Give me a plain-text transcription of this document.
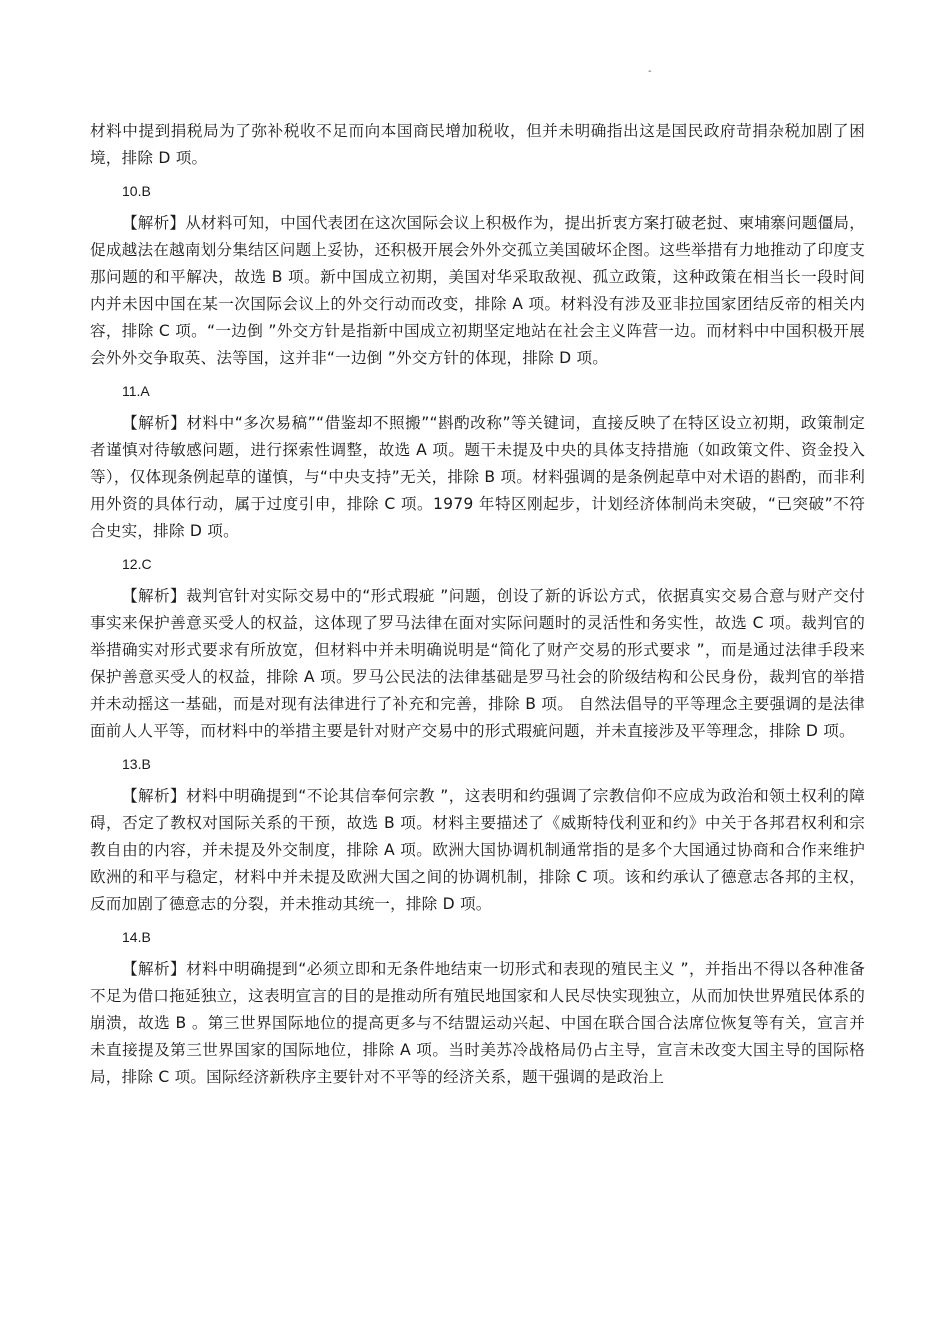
-

材料中提到捐税局为了弥补税收不足而向本国商民增加税收，但并未明确指出这是国民政府苛捐杂税加剧了困境，排除 D 项。

10.B

【解析】从材料可知，中国代表团在这次国际会议上积极作为，提出折衷方案打破老挝、柬埔寨问题僵局，促成越法在越南划分集结区问题上妥协，还积极开展会外外交孤立美国破坏企图。这些举措有力地推动了印度支那问题的和平解决，故选 B 项。新中国成立初期，美国对华采取敌视、孤立政策，这种政策在相当长一段时间内并未因中国在某一次国际会议上的外交行动而改变，排除 A 项。材料没有涉及亚非拉国家团结反帝的相关内容，排除 C 项。“一边倒 ”外交方针是指新中国成立初期坚定地站在社会主义阵营一边。而材料中中国积极开展会外外交争取英、法等国，这并非“一边倒 ”外交方针的体现，排除 D 项。

11.A

【解析】材料中“多次易稿”“借鉴却不照搬”“斟酌改称”等关键词，直接反映了在特区设立初期，政策制定者谨慎对待敏感问题，进行探索性调整，故选 A 项。题干未提及中央的具体支持措施（如政策文件、资金投入等），仅体现条例起草的谨慎，与“中央支持”无关，排除 B 项。材料强调的是条例起草中对术语的斟酌，而非利用外资的具体行动，属于过度引申，排除 C 项。1979 年特区刚起步，计划经济体制尚未突破，“已突破”不符合史实，排除 D 项。

12.C

【解析】裁判官针对实际交易中的“形式瑕疵 ”问题，创设了新的诉讼方式，依据真实交易合意与财产交付事实来保护善意买受人的权益，这体现了罗马法律在面对实际问题时的灵活性和务实性，故选 C 项。裁判官的举措确实对形式要求有所放宽，但材料中并未明确说明是“简化了财产交易的形式要求 ”，而是通过法律手段来保护善意买受人的权益，排除 A 项。罗马公民法的法律基础是罗马社会的阶级结构和公民身份，裁判官的举措并未动摇这一基础，而是对现有法律进行了补充和完善，排除 B 项。 自然法倡导的平等理念主要强调的是法律面前人人平等，而材料中的举措主要是针对财产交易中的形式瑕疵问题，并未直接涉及平等理念，排除 D 项。

13.B

【解析】材料中明确提到“不论其信奉何宗教 ”，这表明和约强调了宗教信仰不应成为政治和领土权利的障碍，否定了教权对国际关系的干预，故选 B 项。材料主要描述了《威斯特伐利亚和约》中关于各邦君权利和宗教自由的内容，并未提及外交制度，排除 A 项。欧洲大国协调机制通常指的是多个大国通过协商和合作来维护欧洲的和平与稳定，材料中并未提及欧洲大国之间的协调机制，排除 C 项。该和约承认了德意志各邦的主权，反而加剧了德意志的分裂，并未推动其统一，排除 D 项。

14.B

【解析】材料中明确提到“必须立即和无条件地结束一切形式和表现的殖民主义 ”，并指出不得以各种准备不足为借口拖延独立，这表明宣言的目的是推动所有殖民地国家和人民尽快实现独立，从而加快世界殖民体系的崩溃，故选 B 。第三世界国际地位的提高更多与不结盟运动兴起、中国在联合国合法席位恢复等有关，宣言并未直接提及第三世界国家的国际地位，排除 A 项。当时美苏冷战格局仍占主导，宣言未改变大国主导的国际格局，排除 C 项。国际经济新秩序主要针对不平等的经济关系，题干强调的是政治上
